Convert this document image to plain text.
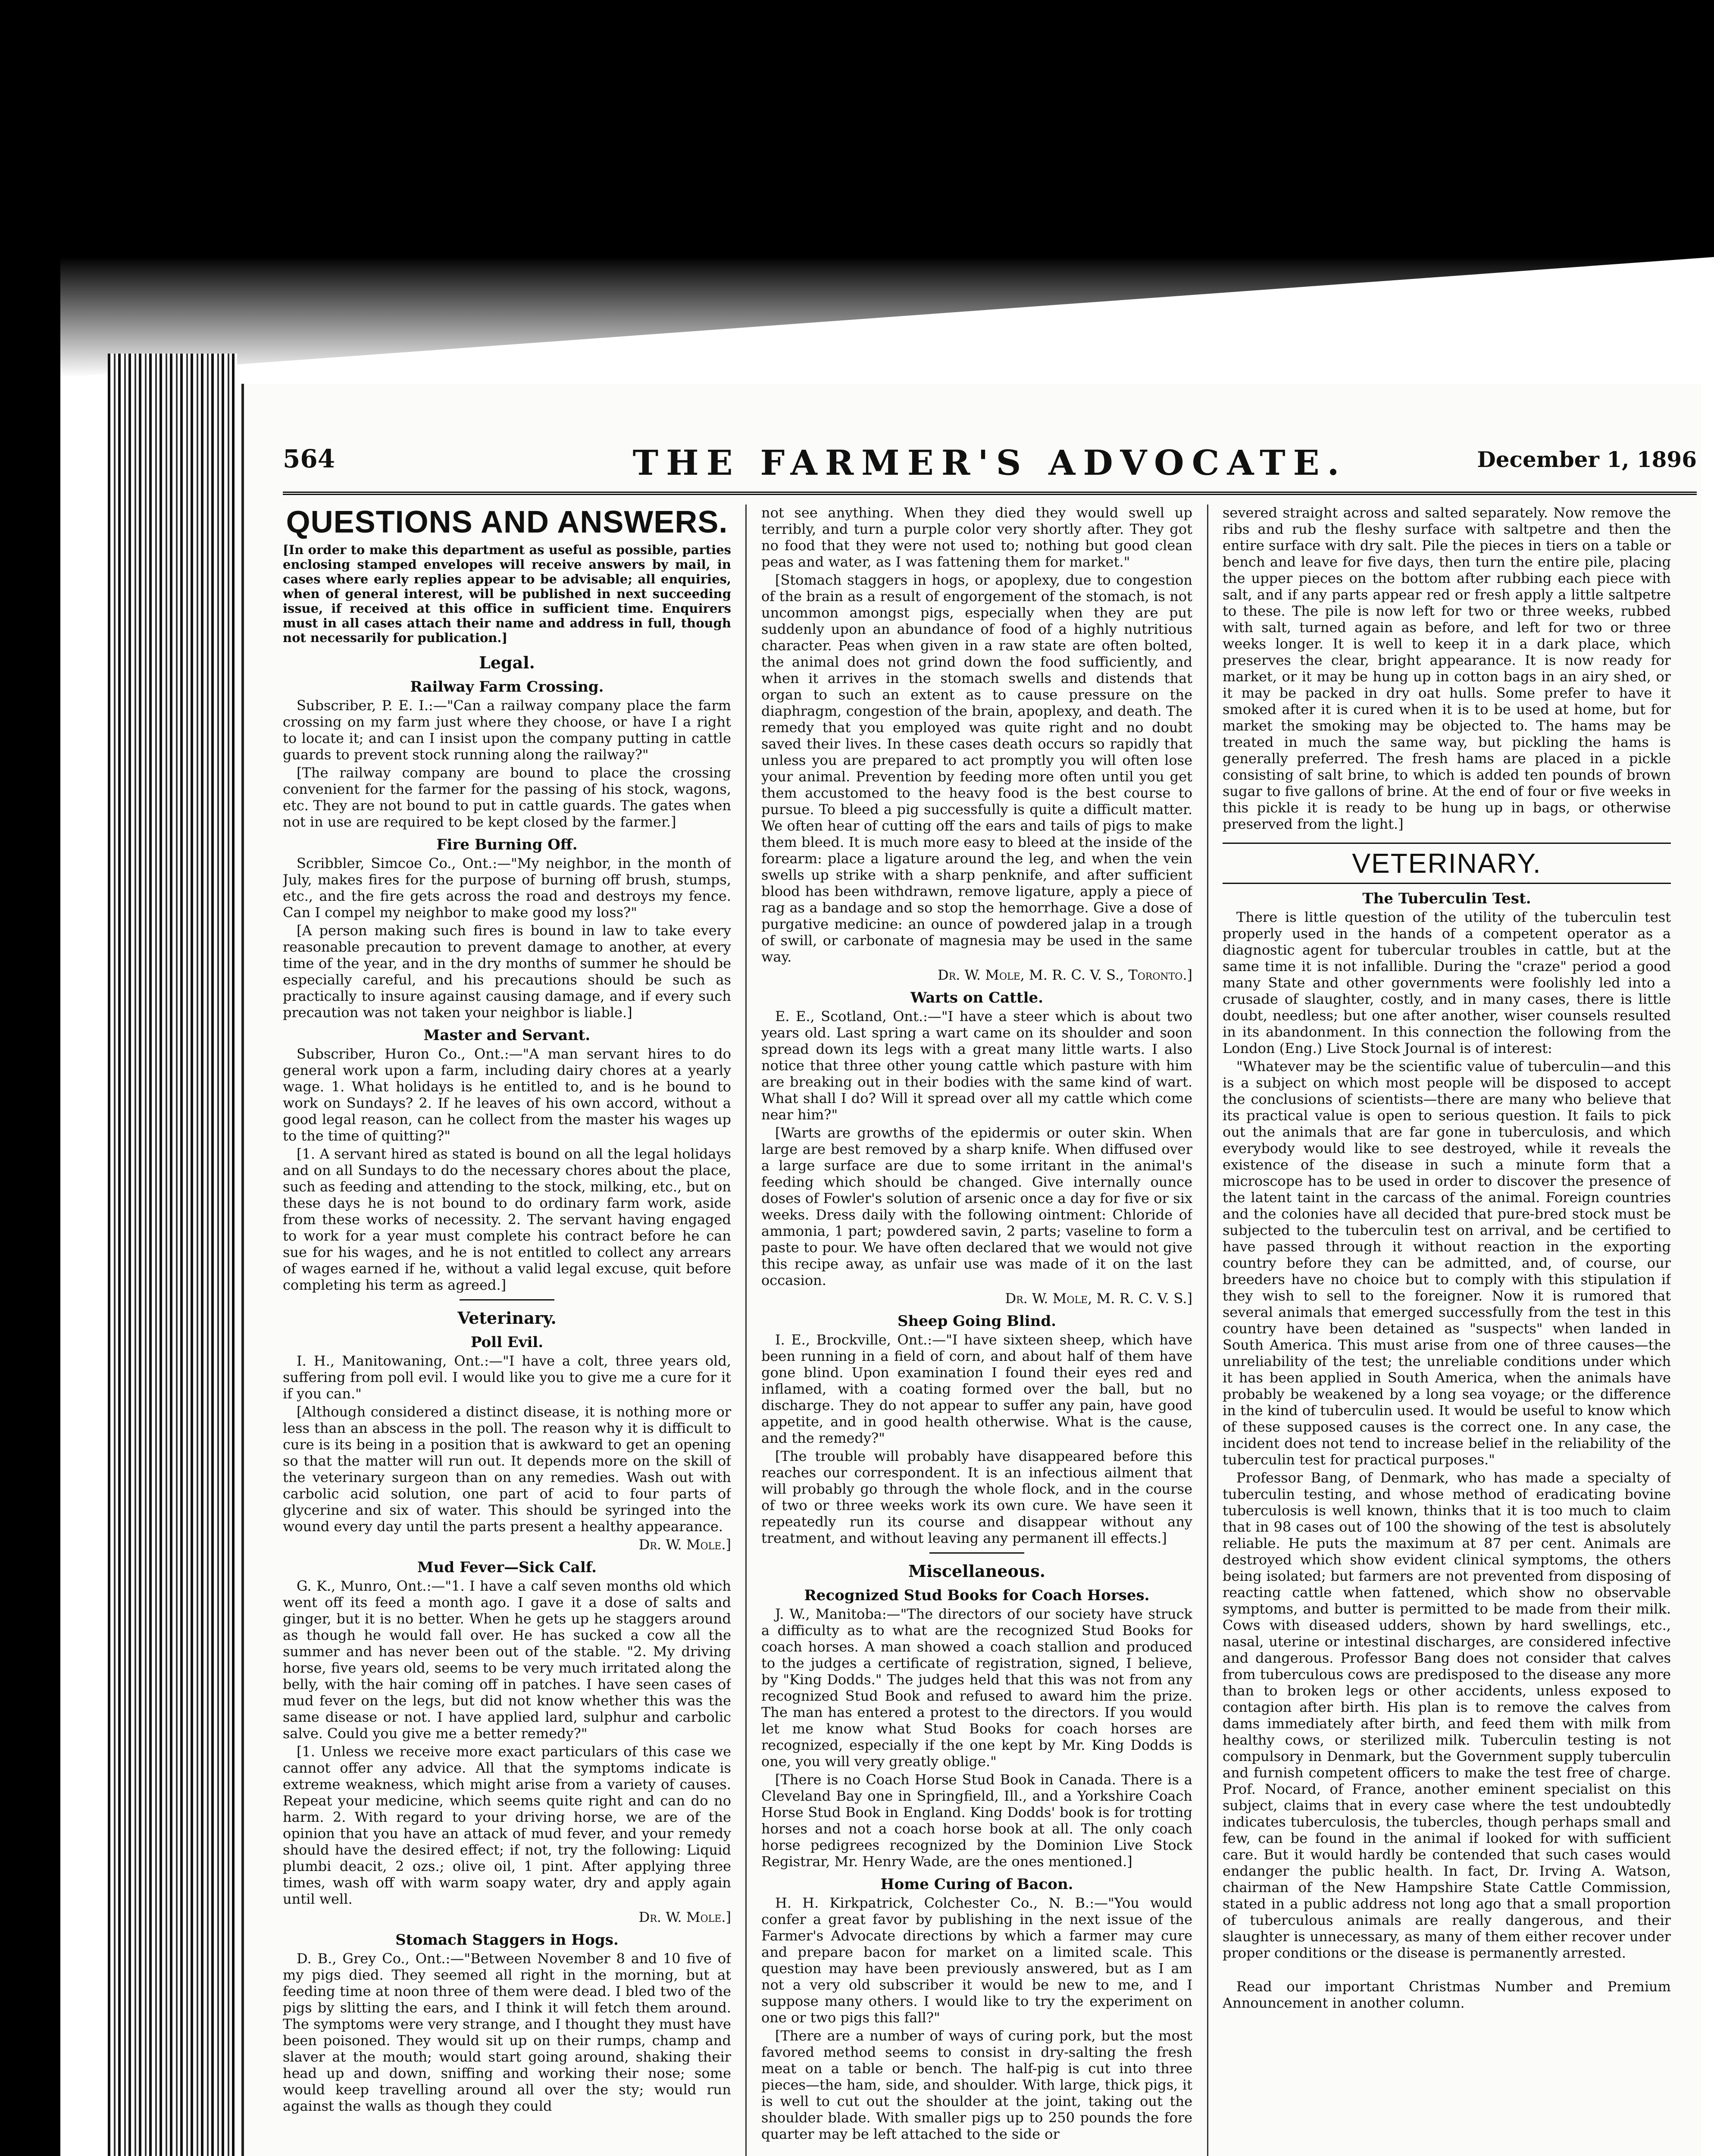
564	THE FARMER'S ADVOCATE.	December 1, 1896
QUESTIONS AND ANSWERS.

[In order to make this department as useful as possible, parties enclosing stamped envelopes will receive answers by mail, in cases where early replies appear to be advisable; all enquiries, when of general interest, will be published in next succeeding issue, if received at this office in sufficient time. Enquirers must in all cases attach their name and address in full, though not necessarily for publication.]

Legal.
Railway Farm Crossing.

Subscriber, P. E. I.:—"Can a railway company place the farm crossing on my farm just where they choose, or have I a right to locate it; and can I insist upon the company putting in cattle guards to prevent stock running along the railway?"

[The railway company are bound to place the crossing convenient for the farmer for the passing of his stock, wagons, etc. They are not bound to put in cattle guards. The gates when not in use are required to be kept closed by the farmer.]

Fire Burning Off.

Scribbler, Simcoe Co., Ont.:—"My neighbor, in the month of July, makes fires for the purpose of burning off brush, stumps, etc., and the fire gets across the road and destroys my fence. Can I compel my neighbor to make good my loss?"

[A person making such fires is bound in law to take every reasonable precaution to prevent damage to another, at every time of the year, and in the dry months of summer he should be especially careful, and his precautions should be such as practically to insure against causing damage, and if every such precaution was not taken your neighbor is liable.]

Master and Servant.

Subscriber, Huron Co., Ont.:—"A man servant hires to do general work upon a farm, including dairy chores at a yearly wage. 1. What holidays is he entitled to, and is he bound to work on Sundays? 2. If he leaves of his own accord, without a good legal reason, can he collect from the master his wages up to the time of quitting?"

[1. A servant hired as stated is bound on all the legal holidays and on all Sundays to do the necessary chores about the place, such as feeding and attending to the stock, milking, etc., but on these days he is not bound to do ordinary farm work, aside from these works of necessity. 2. The servant having engaged to work for a year must complete his contract before he can sue for his wages, and he is not entitled to collect any arrears of wages earned if he, without a valid legal excuse, quit before completing his term as agreed.]

Veterinary.
Poll Evil.

I. H., Manitowaning, Ont.:—"I have a colt, three years old, suffering from poll evil. I would like you to give me a cure for it if you can."

[Although considered a distinct disease, it is nothing more or less than an abscess in the poll. The reason why it is difficult to cure is its being in a position that is awkward to get an opening so that the matter will run out. It depends more on the skill of the veterinary surgeon than on any remedies. Wash out with carbolic acid solution, one part of acid to four parts of glycerine and six of water. This should be syringed into the wound every day until the parts present a healthy appearance.

Dr. W. Mole.]

Mud Fever—Sick Calf.

G. K., Munro, Ont.:—"1. I have a calf seven months old which went off its feed a month ago. I gave it a dose of salts and ginger, but it is no better. When he gets up he staggers around as though he would fall over. He has sucked a cow all the summer and has never been out of the stable. "2. My driving horse, five years old, seems to be very much irritated along the belly, with the hair coming off in patches. I have seen cases of mud fever on the legs, but did not know whether this was the same disease or not. I have applied lard, sulphur and carbolic salve. Could you give me a better remedy?"

[1. Unless we receive more exact particulars of this case we cannot offer any advice. All that the symptoms indicate is extreme weakness, which might arise from a variety of causes. Repeat your medicine, which seems quite right and can do no harm. 2. With regard to your driving horse, we are of the opinion that you have an attack of mud fever, and your remedy should have the desired effect; if not, try the following: Liquid plumbi deacit, 2 ozs.; olive oil, 1 pint. After applying three times, wash off with warm soapy water, dry and apply again until well.

Dr. W. Mole.]

Stomach Staggers in Hogs.

D. B., Grey Co., Ont.:—"Between November 8 and 10 five of my pigs died. They seemed all right in the morning, but at feeding time at noon three of them were dead. I bled two of the pigs by slitting the ears, and I think it will fetch them around. The symptoms were very strange, and I thought they must have been poisoned. They would sit up on their rumps, champ and slaver at the mouth; would start going around, shaking their head up and down, sniffing and working their nose; some would keep travelling around all over the sty; would run against the walls as though they could

not see anything. When they died they would swell up terribly, and turn a purple color very shortly after. They got no food that they were not used to; nothing but good clean peas and water, as I was fattening them for market."

[Stomach staggers in hogs, or apoplexy, due to congestion of the brain as a result of engorgement of the stomach, is not uncommon amongst pigs, especially when they are put suddenly upon an abundance of food of a highly nutritious character. Peas when given in a raw state are often bolted, the animal does not grind down the food sufficiently, and when it arrives in the stomach swells and distends that organ to such an extent as to cause pressure on the diaphragm, congestion of the brain, apoplexy, and death. The remedy that you employed was quite right and no doubt saved their lives. In these cases death occurs so rapidly that unless you are prepared to act promptly you will often lose your animal. Prevention by feeding more often until you get them accustomed to the heavy food is the best course to pursue. To bleed a pig successfully is quite a difficult matter. We often hear of cutting off the ears and tails of pigs to make them bleed. It is much more easy to bleed at the inside of the forearm: place a ligature around the leg, and when the vein swells up strike with a sharp penknife, and after sufficient blood has been withdrawn, remove ligature, apply a piece of rag as a bandage and so stop the hemorrhage. Give a dose of purgative medicine: an ounce of powdered jalap in a trough of swill, or carbonate of magnesia may be used in the same way.

Dr. W. Mole, M. R. C. V. S., Toronto.]

Warts on Cattle.

E. E., Scotland, Ont.:—"I have a steer which is about two years old. Last spring a wart came on its shoulder and soon spread down its legs with a great many little warts. I also notice that three other young cattle which pasture with him are breaking out in their bodies with the same kind of wart. What shall I do? Will it spread over all my cattle which come near him?"

[Warts are growths of the epidermis or outer skin. When large are best removed by a sharp knife. When diffused over a large surface are due to some irritant in the animal's feeding which should be changed. Give internally ounce doses of Fowler's solution of arsenic once a day for five or six weeks. Dress daily with the following ointment: Chloride of ammonia, 1 part; powdered savin, 2 parts; vaseline to form a paste to pour. We have often declared that we would not give this recipe away, as unfair use was made of it on the last occasion.

Dr. W. Mole, M. R. C. V. S.]

Sheep Going Blind.

I. E., Brockville, Ont.:—"I have sixteen sheep, which have been running in a field of corn, and about half of them have gone blind. Upon examination I found their eyes red and inflamed, with a coating formed over the ball, but no discharge. They do not appear to suffer any pain, have good appetite, and in good health otherwise. What is the cause, and the remedy?"

[The trouble will probably have disappeared before this reaches our correspondent. It is an infectious ailment that will probably go through the whole flock, and in the course of two or three weeks work its own cure. We have seen it repeatedly run its course and disappear without any treatment, and without leaving any permanent ill effects.]

Miscellaneous.
Recognized Stud Books for Coach Horses.

J. W., Manitoba:—"The directors of our society have struck a difficulty as to what are the recognized Stud Books for coach horses. A man showed a coach stallion and produced to the judges a certificate of registration, signed, I believe, by "King Dodds." The judges held that this was not from any recognized Stud Book and refused to award him the prize. The man has entered a protest to the directors. If you would let me know what Stud Books for coach horses are recognized, especially if the one kept by Mr. King Dodds is one, you will very greatly oblige."

[There is no Coach Horse Stud Book in Canada. There is a Cleveland Bay one in Springfield, Ill., and a Yorkshire Coach Horse Stud Book in England. King Dodds' book is for trotting horses and not a coach horse book at all. The only coach horse pedigrees recognized by the Dominion Live Stock Registrar, Mr. Henry Wade, are the ones mentioned.]

Home Curing of Bacon.

H. H. Kirkpatrick, Colchester Co., N. B.:—"You would confer a great favor by publishing in the next issue of the Farmer's Advocate directions by which a farmer may cure and prepare bacon for market on a limited scale. This question may have been previously answered, but as I am not a very old subscriber it would be new to me, and I suppose many others. I would like to try the experiment on one or two pigs this fall?"

[There are a number of ways of curing pork, but the most favored method seems to consist in dry-salting the fresh meat on a table or bench. The half-pig is cut into three pieces—the ham, side, and shoulder. With large, thick pigs, it is well to cut out the shoulder at the joint, taking out the shoulder blade. With smaller pigs up to 250 pounds the fore quarter may be left attached to the side or

severed straight across and salted separately. Now remove the ribs and rub the fleshy surface with saltpetre and then the entire surface with dry salt. Pile the pieces in tiers on a table or bench and leave for five days, then turn the entire pile, placing the upper pieces on the bottom after rubbing each piece with salt, and if any parts appear red or fresh apply a little saltpetre to these. The pile is now left for two or three weeks, rubbed with salt, turned again as before, and left for two or three weeks longer. It is well to keep it in a dark place, which preserves the clear, bright appearance. It is now ready for market, or it may be hung up in cotton bags in an airy shed, or it may be packed in dry oat hulls. Some prefer to have it smoked after it is cured when it is to be used at home, but for market the smoking may be objected to. The hams may be treated in much the same way, but pickling the hams is generally preferred. The fresh hams are placed in a pickle consisting of salt brine, to which is added ten pounds of brown sugar to five gallons of brine. At the end of four or five weeks in this pickle it is ready to be hung up in bags, or otherwise preserved from the light.]

VETERINARY.
The Tuberculin Test.

There is little question of the utility of the tuberculin test properly used in the hands of a competent operator as a diagnostic agent for tubercular troubles in cattle, but at the same time it is not infallible. During the "craze" period a good many State and other governments were foolishly led into a crusade of slaughter, costly, and in many cases, there is little doubt, needless; but one after another, wiser counsels resulted in its abandonment. In this connection the following from the London (Eng.) Live Stock Journal is of interest:

"Whatever may be the scientific value of tuberculin—and this is a subject on which most people will be disposed to accept the conclusions of scientists—there are many who believe that its practical value is open to serious question. It fails to pick out the animals that are far gone in tuberculosis, and which everybody would like to see destroyed, while it reveals the existence of the disease in such a minute form that a microscope has to be used in order to discover the presence of the latent taint in the carcass of the animal. Foreign countries and the colonies have all decided that pure-bred stock must be subjected to the tuberculin test on arrival, and be certified to have passed through it without reaction in the exporting country before they can be admitted, and, of course, our breeders have no choice but to comply with this stipulation if they wish to sell to the foreigner. Now it is rumored that several animals that emerged successfully from the test in this country have been detained as "suspects" when landed in South America. This must arise from one of three causes—the unreliability of the test; the unreliable conditions under which it has been applied in South America, when the animals have probably be weakened by a long sea voyage; or the difference in the kind of tuberculin used. It would be useful to know which of these supposed causes is the correct one. In any case, the incident does not tend to increase belief in the reliability of the tuberculin test for practical purposes."

Professor Bang, of Denmark, who has made a specialty of tuberculin testing, and whose method of eradicating bovine tuberculosis is well known, thinks that it is too much to claim that in 98 cases out of 100 the showing of the test is absolutely reliable. He puts the maximum at 87 per cent. Animals are destroyed which show evident clinical symptoms, the others being isolated; but farmers are not prevented from disposing of reacting cattle when fattened, which show no observable symptoms, and butter is permitted to be made from their milk. Cows with diseased udders, shown by hard swellings, etc., nasal, uterine or intestinal discharges, are considered infective and dangerous. Professor Bang does not consider that calves from tuberculous cows are predisposed to the disease any more than to broken legs or other accidents, unless exposed to contagion after birth. His plan is to remove the calves from dams immediately after birth, and feed them with milk from healthy cows, or sterilized milk. Tuberculin testing is not compulsory in Denmark, but the Government supply tuberculin and furnish competent officers to make the test free of charge. Prof. Nocard, of France, another eminent specialist on this subject, claims that in every case where the test undoubtedly indicates tuberculosis, the tubercles, though perhaps small and few, can be found in the animal if looked for with sufficient care. But it would hardly be contended that such cases would endanger the public health. In fact, Dr. Irving A. Watson, chairman of the New Hampshire State Cattle Commission, stated in a public address not long ago that a small proportion of tuberculous animals are really dangerous, and their slaughter is unnecessary, as many of them either recover under proper conditions or the disease is permanently arrested.

Read our important Christmas Number and Premium Announcement in another column.
